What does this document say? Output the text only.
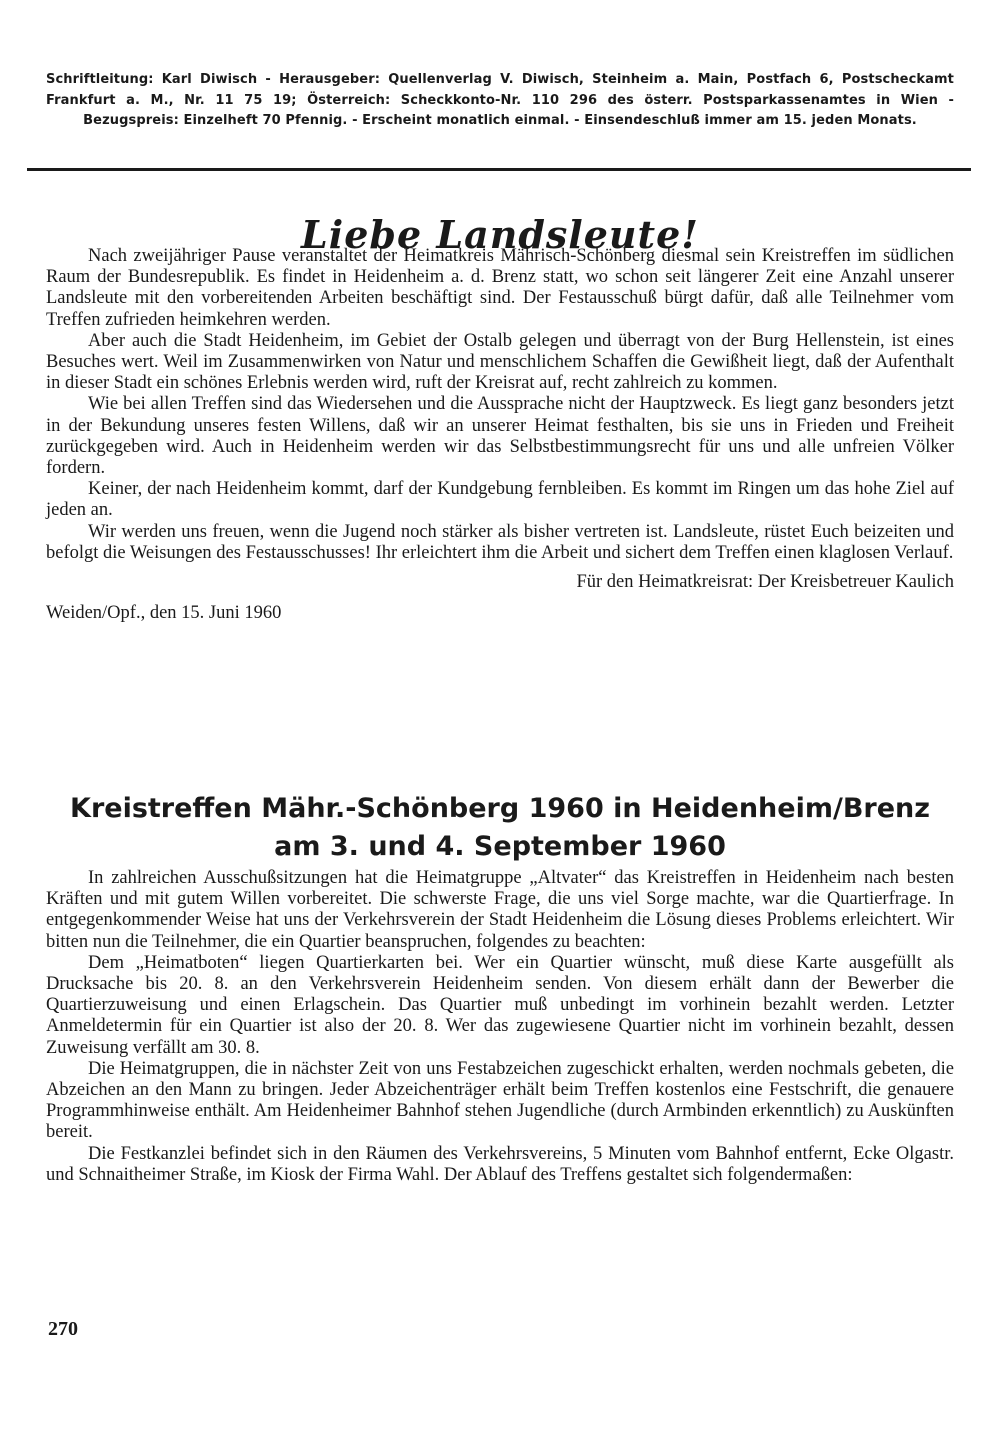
Schriftleitung: Karl Diwisch - Herausgeber: Quellenverlag V. Diwisch, Steinheim a. Main, Postfach 6, Postscheckamt Frankfurt a. M., Nr. 11 75 19; Österreich: Scheckkonto-Nr. 110 296 des österr. Postsparkassenamtes in Wien - Bezugspreis: Einzelheft 70 Pfennig. - Erscheint monatlich einmal. - Einsendeschluß immer am 15. jeden Monats.

Liebe Landsleute!

Nach zweijähriger Pause veranstaltet der Heimatkreis Mährisch-Schönberg diesmal sein Kreistreffen im südlichen Raum der Bundesrepublik. Es findet in Heidenheim a. d. Brenz statt, wo schon seit längerer Zeit eine Anzahl unserer Landsleute mit den vorbereitenden Arbeiten beschäftigt sind. Der Festausschuß bürgt dafür, daß alle Teilnehmer vom Treffen zufrieden heimkehren werden.

Aber auch die Stadt Heidenheim, im Gebiet der Ostalb gelegen und überragt von der Burg Hellenstein, ist eines Besuches wert. Weil im Zusammenwirken von Natur und menschlichem Schaffen die Gewißheit liegt, daß der Aufenthalt in dieser Stadt ein schönes Erlebnis werden wird, ruft der Kreisrat auf, recht zahlreich zu kommen.

Wie bei allen Treffen sind das Wiedersehen und die Aussprache nicht der Hauptzweck. Es liegt ganz besonders jetzt in der Bekundung unseres festen Willens, daß wir an unserer Heimat festhalten, bis sie uns in Frieden und Freiheit zurückgegeben wird. Auch in Heidenheim werden wir das Selbstbestimmungsrecht für uns und alle unfreien Völker fordern.

Keiner, der nach Heidenheim kommt, darf der Kundgebung fernbleiben. Es kommt im Ringen um das hohe Ziel auf jeden an.

Wir werden uns freuen, wenn die Jugend noch stärker als bisher vertreten ist. Landsleute, rüstet Euch beizeiten und befolgt die Weisungen des Festausschusses! Ihr erleichtert ihm die Arbeit und sichert dem Treffen einen klaglosen Verlauf.

Für den Heimatkreisrat: Der Kreisbetreuer Kaulich
Weiden/Opf., den 15. Juni 1960
Kreistreffen Mähr.-Schönberg 1960 in Heidenheim/Brenz
am 3. und 4. September 1960

In zahlreichen Ausschußsitzungen hat die Heimatgruppe „Altvater“ das Kreistreffen in Heidenheim nach besten Kräften und mit gutem Willen vorbereitet. Die schwerste Frage, die uns viel Sorge machte, war die Quartierfrage. In entgegenkommender Weise hat uns der Verkehrsverein der Stadt Heidenheim die Lösung dieses Problems erleichtert. Wir bitten nun die Teilnehmer, die ein Quartier beanspruchen, folgendes zu beachten:

Dem „Heimatboten“ liegen Quartierkarten bei. Wer ein Quartier wünscht, muß diese Karte ausgefüllt als Drucksache bis 20. 8. an den Verkehrsverein Heidenheim senden. Von diesem erhält dann der Bewerber die Quartierzuweisung und einen Erlagschein. Das Quartier muß unbedingt im vorhinein bezahlt werden. Letzter Anmeldetermin für ein Quartier ist also der 20. 8. Wer das zugewiesene Quartier nicht im vorhinein bezahlt, dessen Zuweisung verfällt am 30. 8.

Die Heimatgruppen, die in nächster Zeit von uns Festabzeichen zugeschickt erhalten, werden nochmals gebeten, die Abzeichen an den Mann zu bringen. Jeder Abzeichenträger erhält beim Treffen kostenlos eine Festschrift, die genauere Programmhinweise enthält. Am Heidenheimer Bahnhof stehen Jugendliche (durch Armbinden erkenntlich) zu Auskünften bereit.

Die Festkanzlei befindet sich in den Räumen des Verkehrsvereins, 5 Minuten vom Bahnhof entfernt, Ecke Olgastr. und Schnaitheimer Straße, im Kiosk der Firma Wahl. Der Ablauf des Treffens gestaltet sich folgendermaßen:

270
